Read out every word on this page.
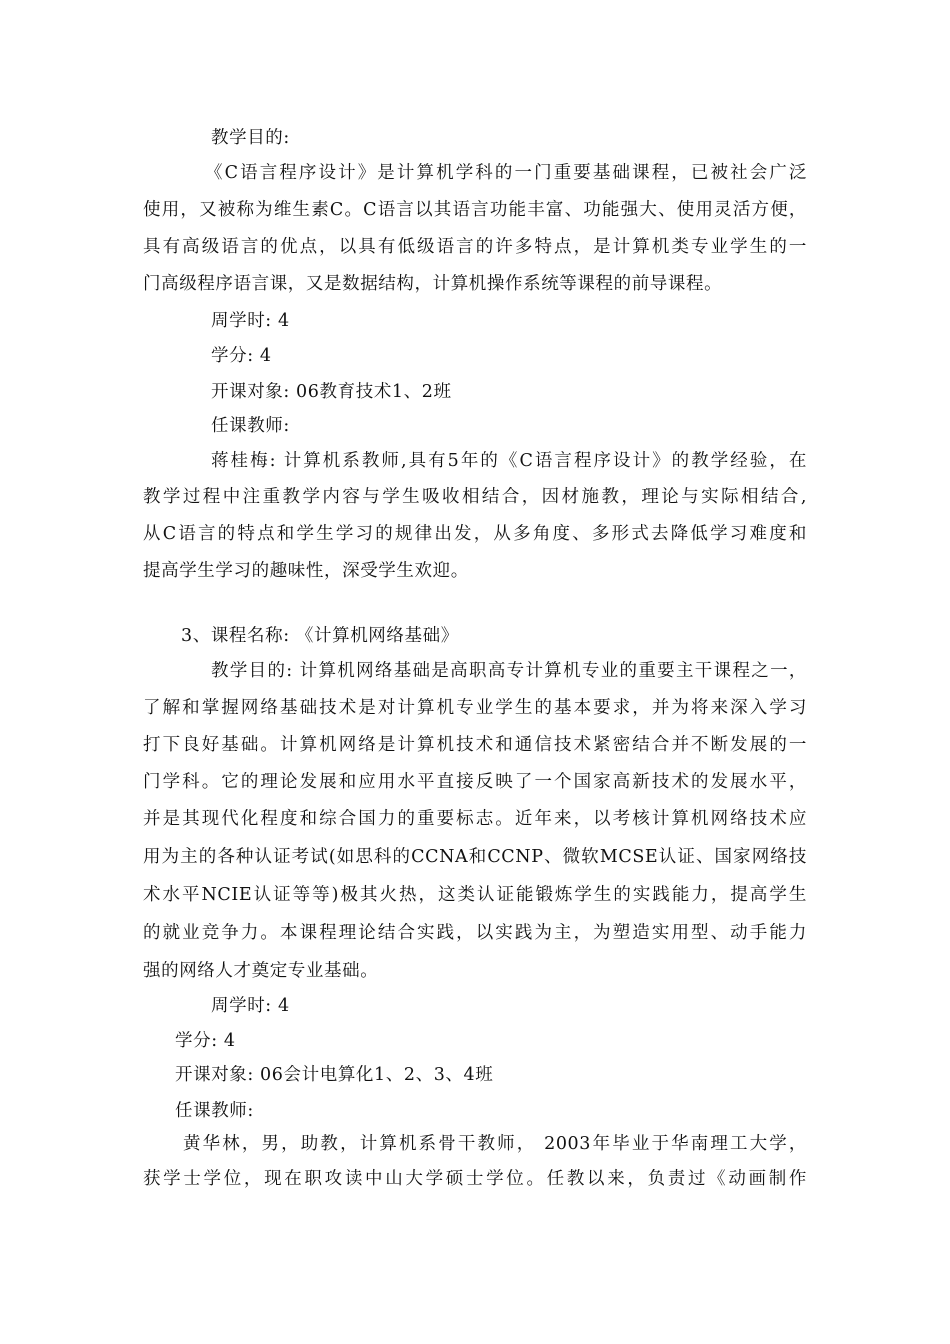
教学目的:
《C语言程序设计》是计算机学科的一门重要基础课程，已被社会广泛
使用，又被称为维生素C。C语言以其语言功能丰富、功能强大、使用灵活方便，
具有高级语言的优点，以具有低级语言的许多特点，是计算机类专业学生的一
门高级程序语言课，又是数据结构，计算机操作系统等课程的前导课程。
周学时: 4
学分: 4
开课对象: 06教育技术1、2班
任课教师:
蒋桂梅: 计算机系教师,具有5年的《C语言程序设计》的教学经验，在
教学过程中注重教学内容与学生吸收相结合，因材施教，理论与实际相结合,
从C语言的特点和学生学习的规律出发，从多角度、多形式去降低学习难度和
提高学生学习的趣味性，深受学生欢迎。
3、课程名称: 《计算机网络基础》
教学目的: 计算机网络基础是高职高专计算机专业的重要主干课程之一，
了解和掌握网络基础技术是对计算机专业学生的基本要求，并为将来深入学习
打下良好基础。计算机网络是计算机技术和通信技术紧密结合并不断发展的一
门学科。它的理论发展和应用水平直接反映了一个国家高新技术的发展水平，
并是其现代化程度和综合国力的重要标志。近年来，以考核计算机网络技术应
用为主的各种认证考试(如思科的CCNA和CCNP、微软MCSE认证、国家网络技
术水平NCIE认证等等)极其火热，这类认证能锻炼学生的实践能力，提高学生
的就业竞争力。本课程理论结合实践，以实践为主，为塑造实用型、动手能力
强的网络人才奠定专业基础。
周学时: 4
学分: 4
开课对象: 06会计电算化1、2、3、4班
任课教师:
黄华林，男，助教，计算机系骨干教师， 2003年毕业于华南理工大学，
获学士学位，现在职攻读中山大学硕士学位。任教以来，负责过《动画制作
